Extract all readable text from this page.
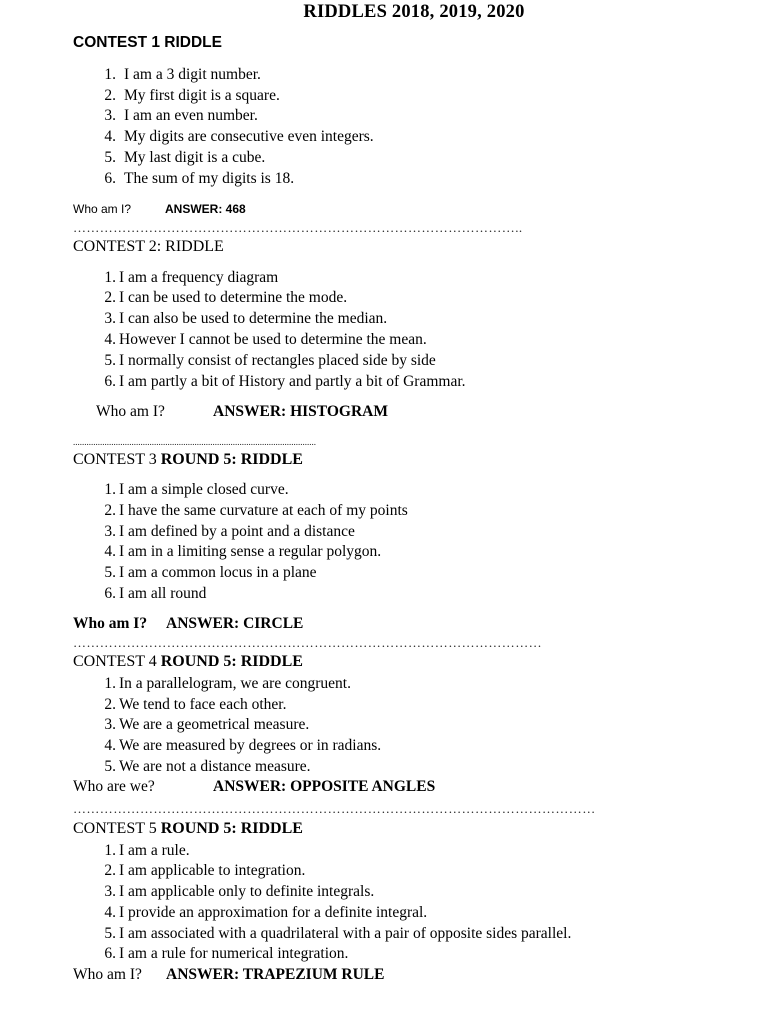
RIDDLES 2018, 2019, 2020
CONTEST 1 RIDDLE
1. I am a 3 digit number.
2. My first digit is a square.
3. I am an even number.
4. My digits are consecutive even integers.
5. My last digit is a cube.
6. The sum of my digits is 18.
Who am I?	ANSWER: 468
………………………………………………………………………………………..
CONTEST 2: RIDDLE
1. I am a frequency diagram
2. I can be used to determine the mode.
3. I can also be used to determine the median.
4. However I cannot be used to determine the mean.
5. I normally consist of rectangles placed side by side
6. I am partly a bit of History and partly a bit of Grammar.
Who am I?	ANSWER: HISTOGRAM
............................................................................................................
CONTEST 3 ROUND 5: RIDDLE
1. I am a simple closed curve.
2. I have the same curvature at each of my points
3. I am defined by a point and a distance
4. I am in a limiting sense a regular polygon.
5. I am a common locus in a plane
6. I am all round
Who am I? ANSWER: CIRCLE
……………………………………………………………………………………………
CONTEST 4 ROUND 5: RIDDLE
1. In a parallelogram, we are congruent.
2. We tend to face each other.
3. We are a geometrical measure.
4. We are measured by degrees or in radians.
5. We are not a distance measure.
Who are we?	ANSWER: OPPOSITE ANGLES
………………………………………………………………………………………………………
CONTEST 5 ROUND 5: RIDDLE
1. I am a rule.
2. I am applicable to integration.
3. I am applicable only to definite integrals.
4. I provide an approximation for a definite integral.
5. I am associated with a quadrilateral with a pair of opposite sides parallel.
6. I am a rule for numerical integration.
Who am I? ANSWER: TRAPEZIUM RULE
